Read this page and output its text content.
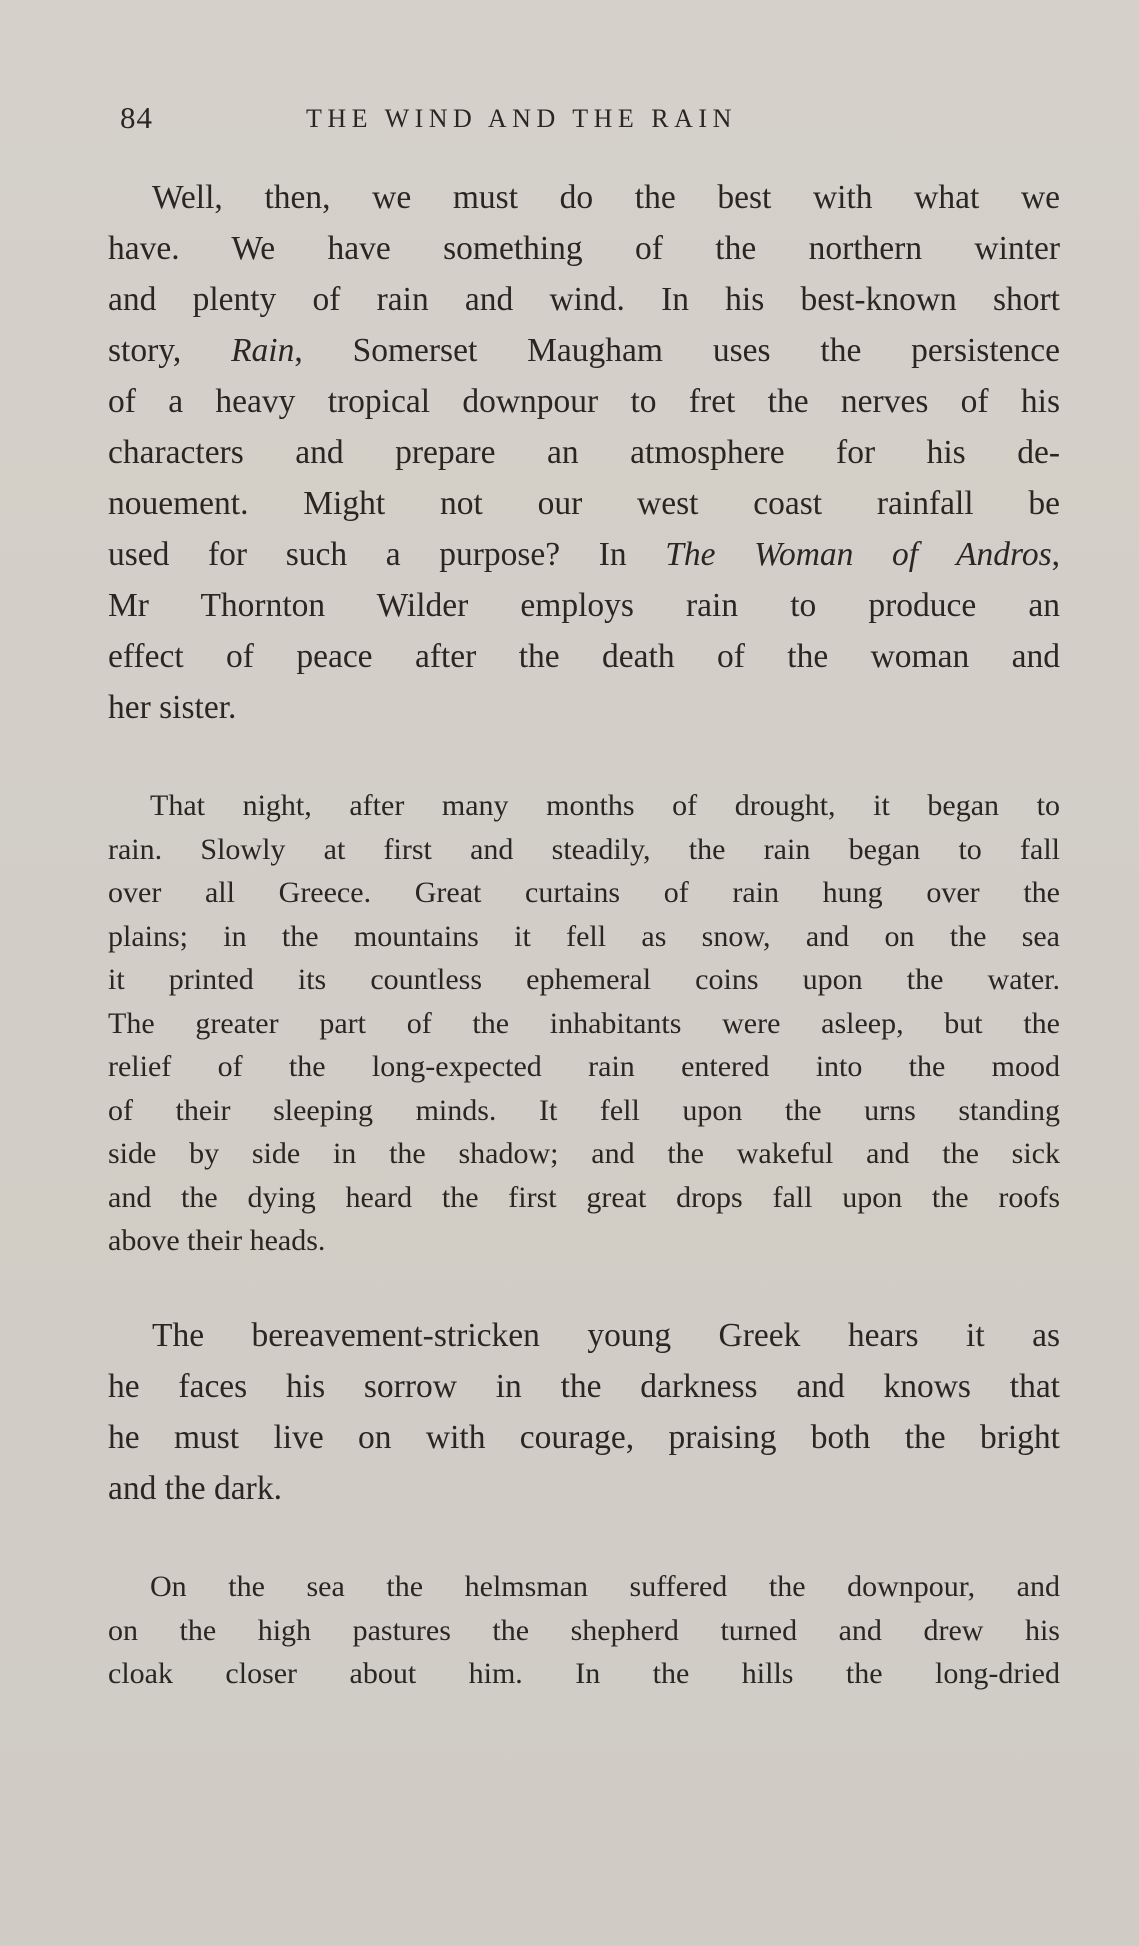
84	THE WIND AND THE RAIN
Well, then, we must do the best with what we
have. We have something of the northern winter
and plenty of rain and wind. In his best-known short
story, Rain, Somerset Maugham uses the persistence
of a heavy tropical downpour to fret the nerves of his
characters and prepare an atmosphere for his de-
nouement. Might not our west coast rainfall be
used for such a purpose? In The Woman of Andros,
Mr Thornton Wilder employs rain to produce an
effect of peace after the death of the woman and
her sister.
That night, after many months of drought, it began to
rain. Slowly at first and steadily, the rain began to fall
over all Greece. Great curtains of rain hung over the
plains; in the mountains it fell as snow, and on the sea
it printed its countless ephemeral coins upon the water.
The greater part of the inhabitants were asleep, but the
relief of the long-expected rain entered into the mood
of their sleeping minds. It fell upon the urns standing
side by side in the shadow; and the wakeful and the sick
and the dying heard the first great drops fall upon the roofs
above their heads.
The bereavement-stricken young Greek hears it as
he faces his sorrow in the darkness and knows that
he must live on with courage, praising both the bright
and the dark.
On the sea the helmsman suffered the downpour, and
on the high pastures the shepherd turned and drew his
cloak closer about him. In the hills the long-dried
